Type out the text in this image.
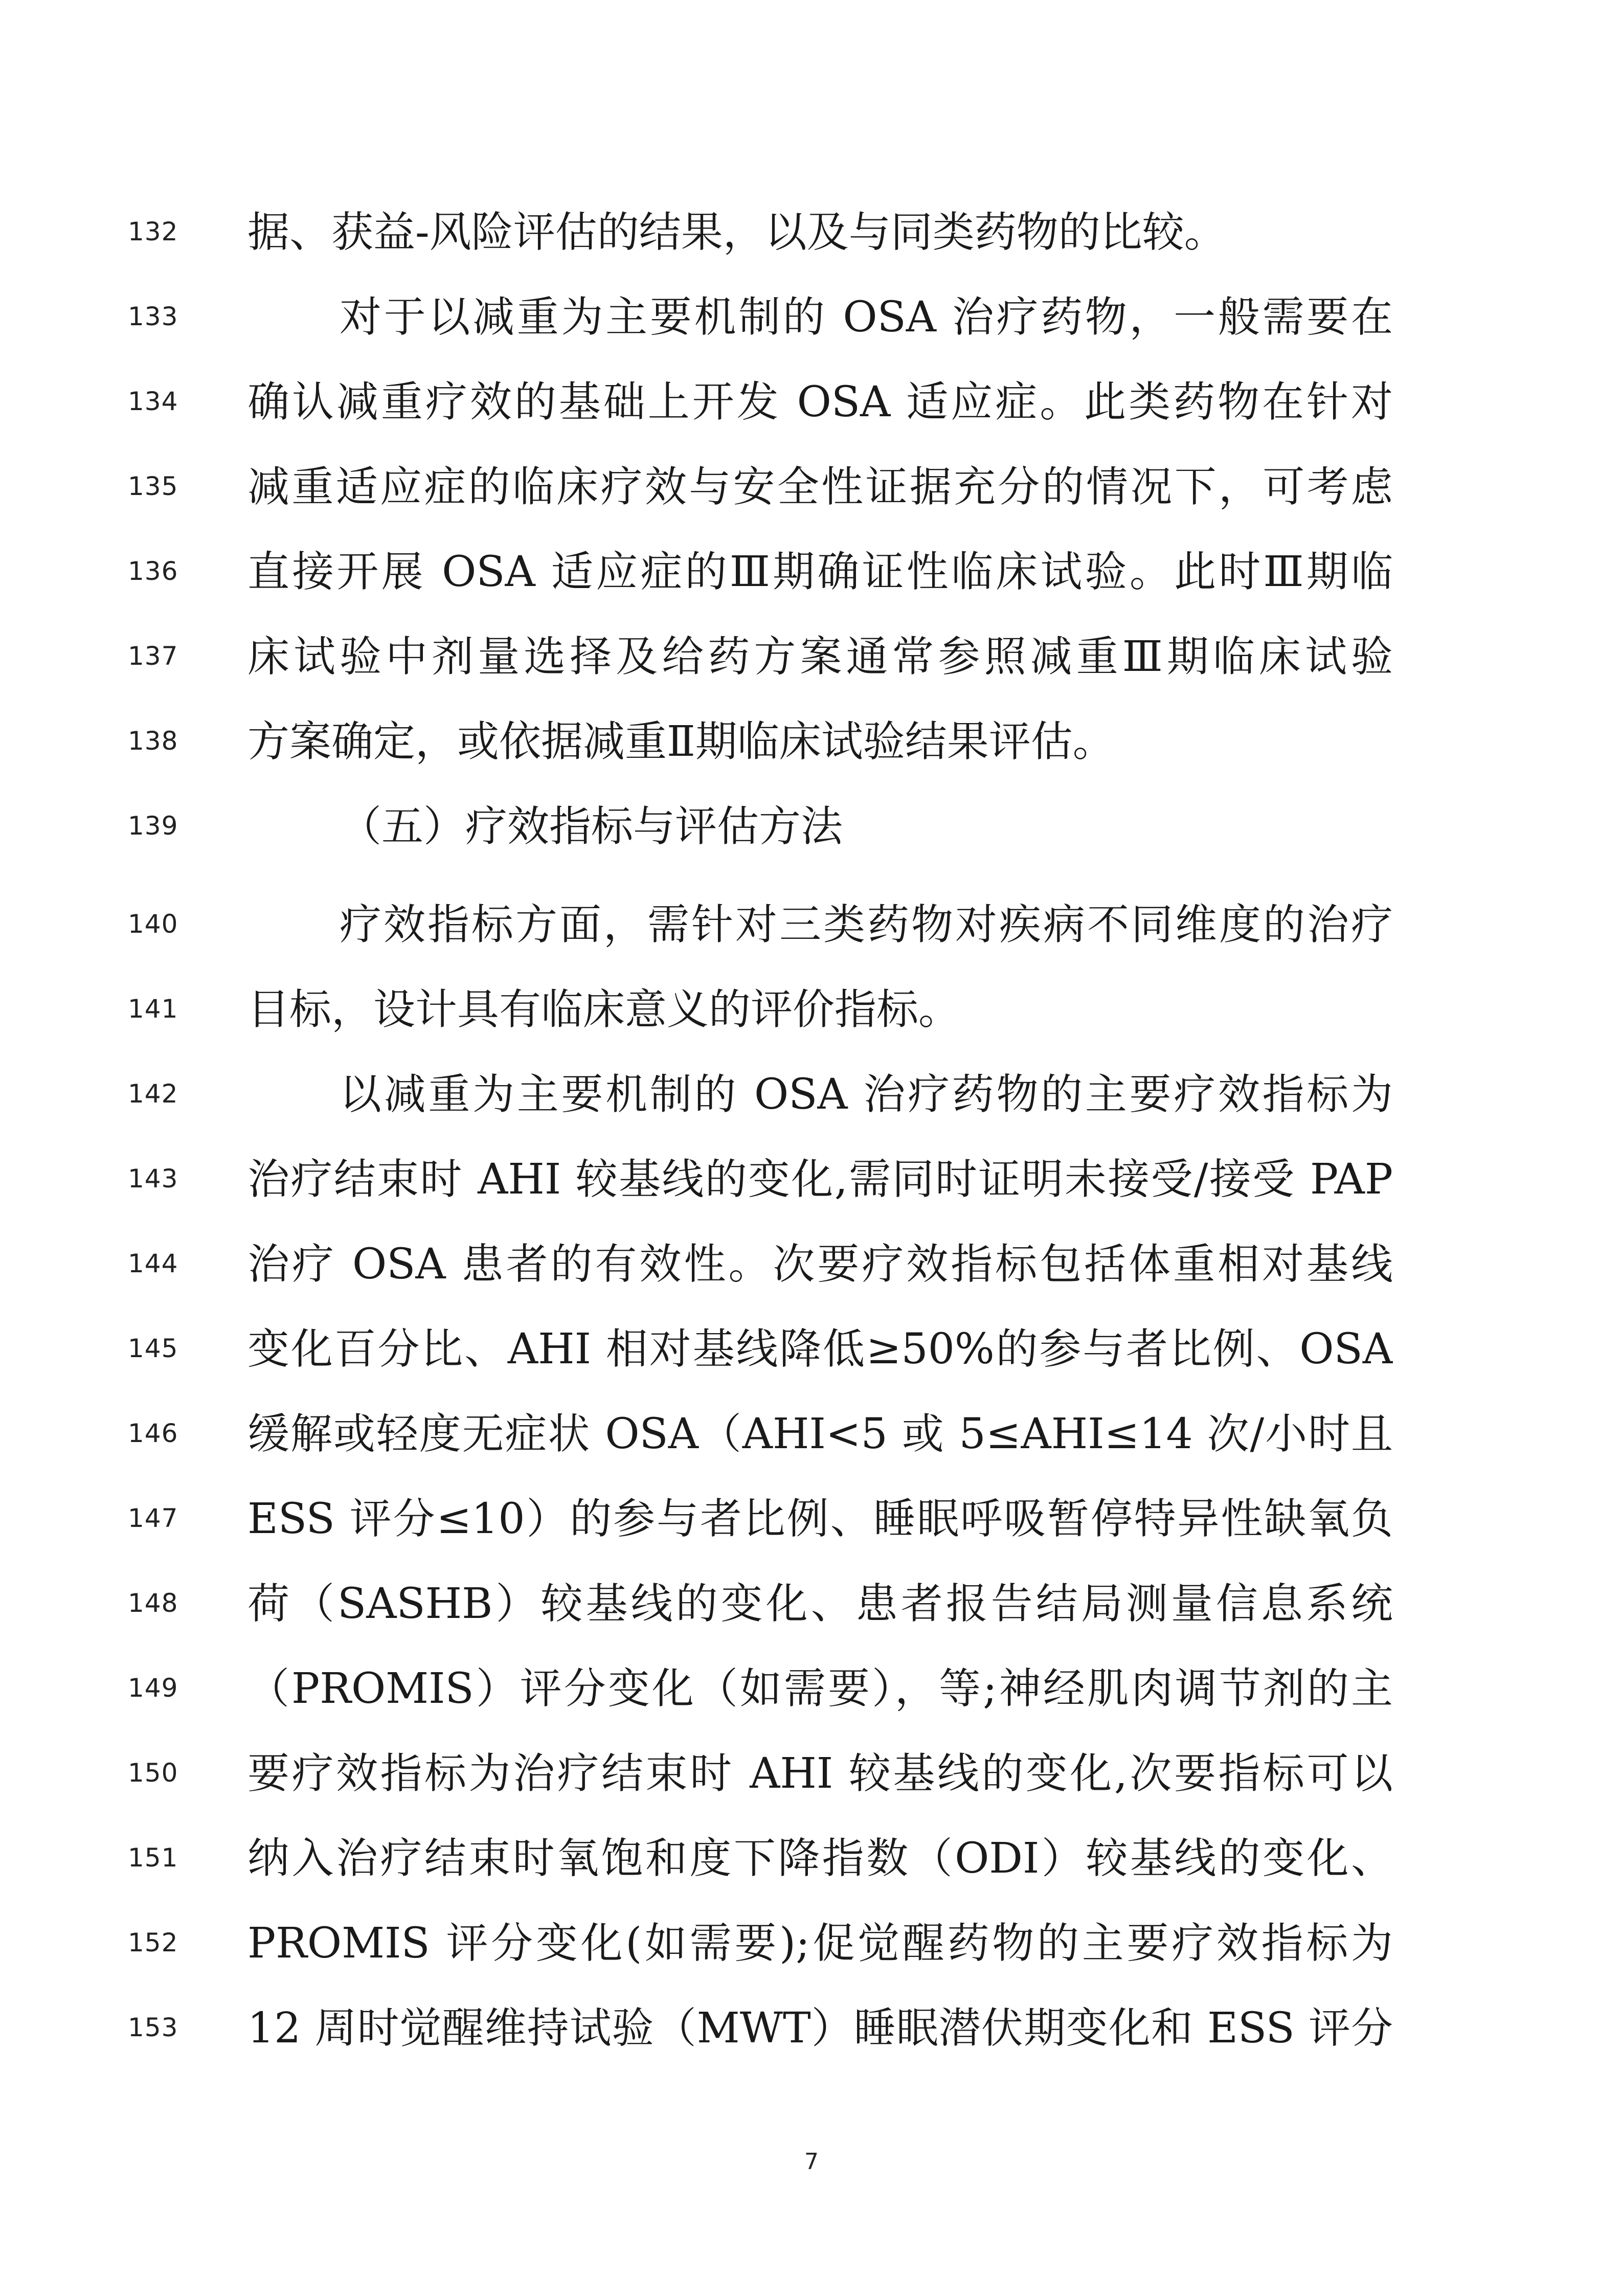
132	据、获益-风险评估的结果，以及与同类药物的比较。
133	对于以减重为主要机制的 OSA 治疗药物，一般需要在
134	确认减重疗效的基础上开发 OSA 适应症。此类药物在针对
135	减重适应症的临床疗效与安全性证据充分的情况下，可考虑
136	直接开展 OSA 适应症的Ⅲ期确证性临床试验。此时Ⅲ期临
137	床试验中剂量选择及给药方案通常参照减重Ⅲ期临床试验
138	方案确定，或依据减重Ⅱ期临床试验结果评估。
139	（五）疗效指标与评估方法
140	疗效指标方面，需针对三类药物对疾病不同维度的治疗
141	目标，设计具有临床意义的评价指标。
142	以减重为主要机制的 OSA 治疗药物的主要疗效指标为
143	治疗结束时 AHI 较基线的变化,需同时证明未接受/接受 PAP
144	治疗 OSA 患者的有效性。次要疗效指标包括体重相对基线
145	变化百分比、AHI 相对基线降低≥50%的参与者比例、OSA
146	缓解或轻度无症状 OSA（AHI<5 或 5≤AHI≤14 次/小时且
147	ESS 评分≤10）的参与者比例、睡眠呼吸暂停特异性缺氧负
148	荷（SASHB）较基线的变化、患者报告结局测量信息系统
149	（PROMIS）评分变化（如需要），等;神经肌肉调节剂的主
150	要疗效指标为治疗结束时 AHI 较基线的变化,次要指标可以
151	纳入治疗结束时氧饱和度下降指数（ODI）较基线的变化、
152	PROMIS 评分变化(如需要);促觉醒药物的主要疗效指标为
153	12 周时觉醒维持试验（MWT）睡眠潜伏期变化和 ESS 评分
7
